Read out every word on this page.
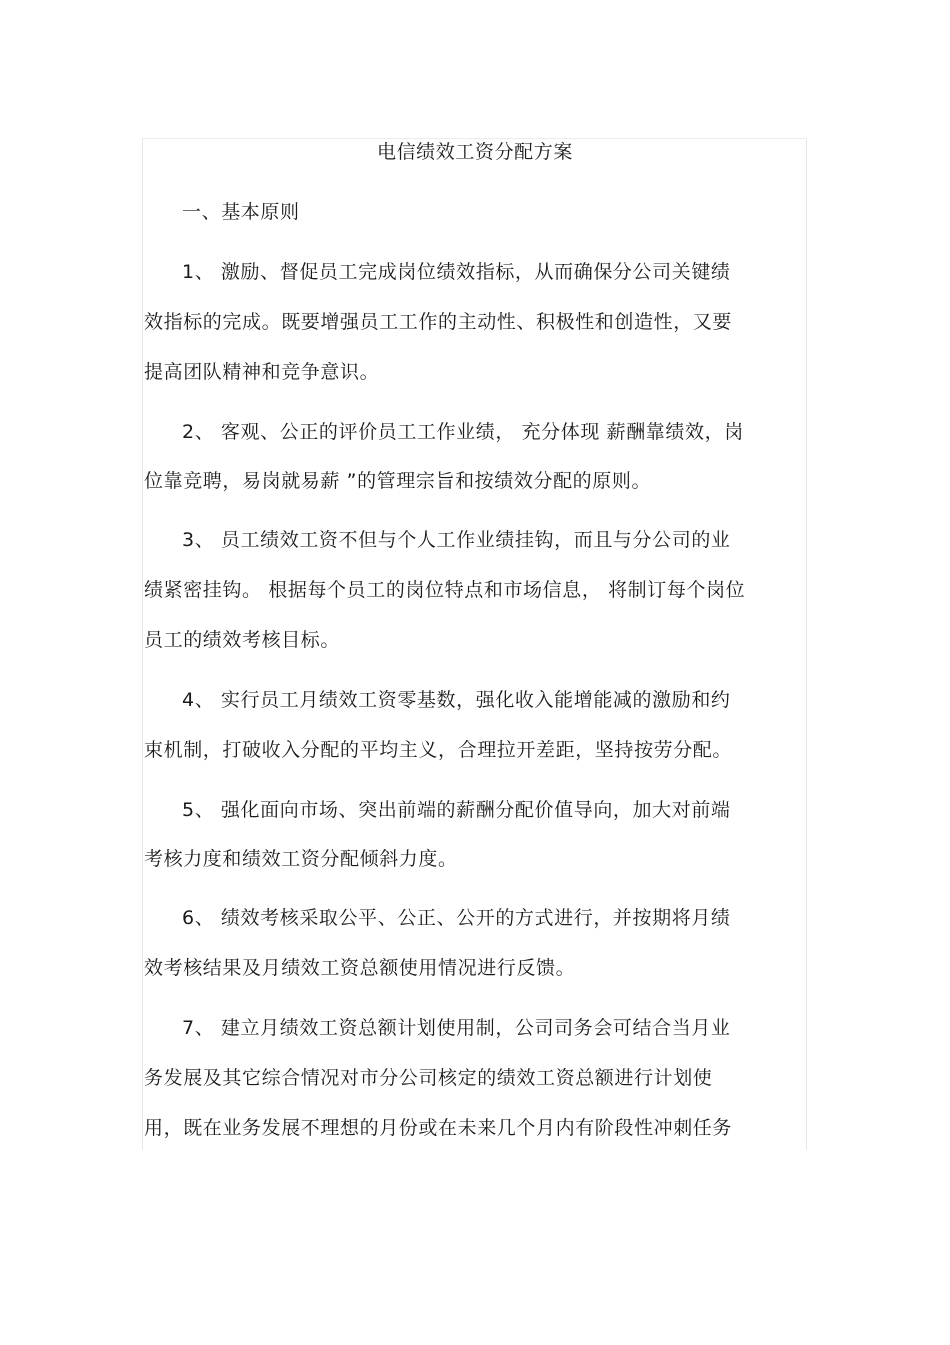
电信绩效工资分配方案
一、基本原则
1、 激励、督促员工完成岗位绩效指标，从而确保分公司关键绩
效指标的完成。既要增强员工工作的主动性、积极性和创造性，又要
提高团队精神和竞争意识。
2、 客观、公正的评价员工工作业绩， 充分体现 薪酬靠绩效，岗
位靠竞聘，易岗就易薪 ”的管理宗旨和按绩效分配的原则。
3、 员工绩效工资不但与个人工作业绩挂钩，而且与分公司的业
绩紧密挂钩。 根据每个员工的岗位特点和市场信息， 将制订每个岗位
员工的绩效考核目标。
4、 实行员工月绩效工资零基数，强化收入能增能减的激励和约
束机制，打破收入分配的平均主义，合理拉开差距，坚持按劳分配。
5、 强化面向市场、突出前端的薪酬分配价值导向，加大对前端
考核力度和绩效工资分配倾斜力度。
6、 绩效考核采取公平、公正、公开的方式进行，并按期将月绩
效考核结果及月绩效工资总额使用情况进行反馈。
7、 建立月绩效工资总额计划使用制，公司司务会可结合当月业
务发展及其它综合情况对市分公司核定的绩效工资总额进行计划使
用，既在业务发展不理想的月份或在未来几个月内有阶段性冲刺任务
